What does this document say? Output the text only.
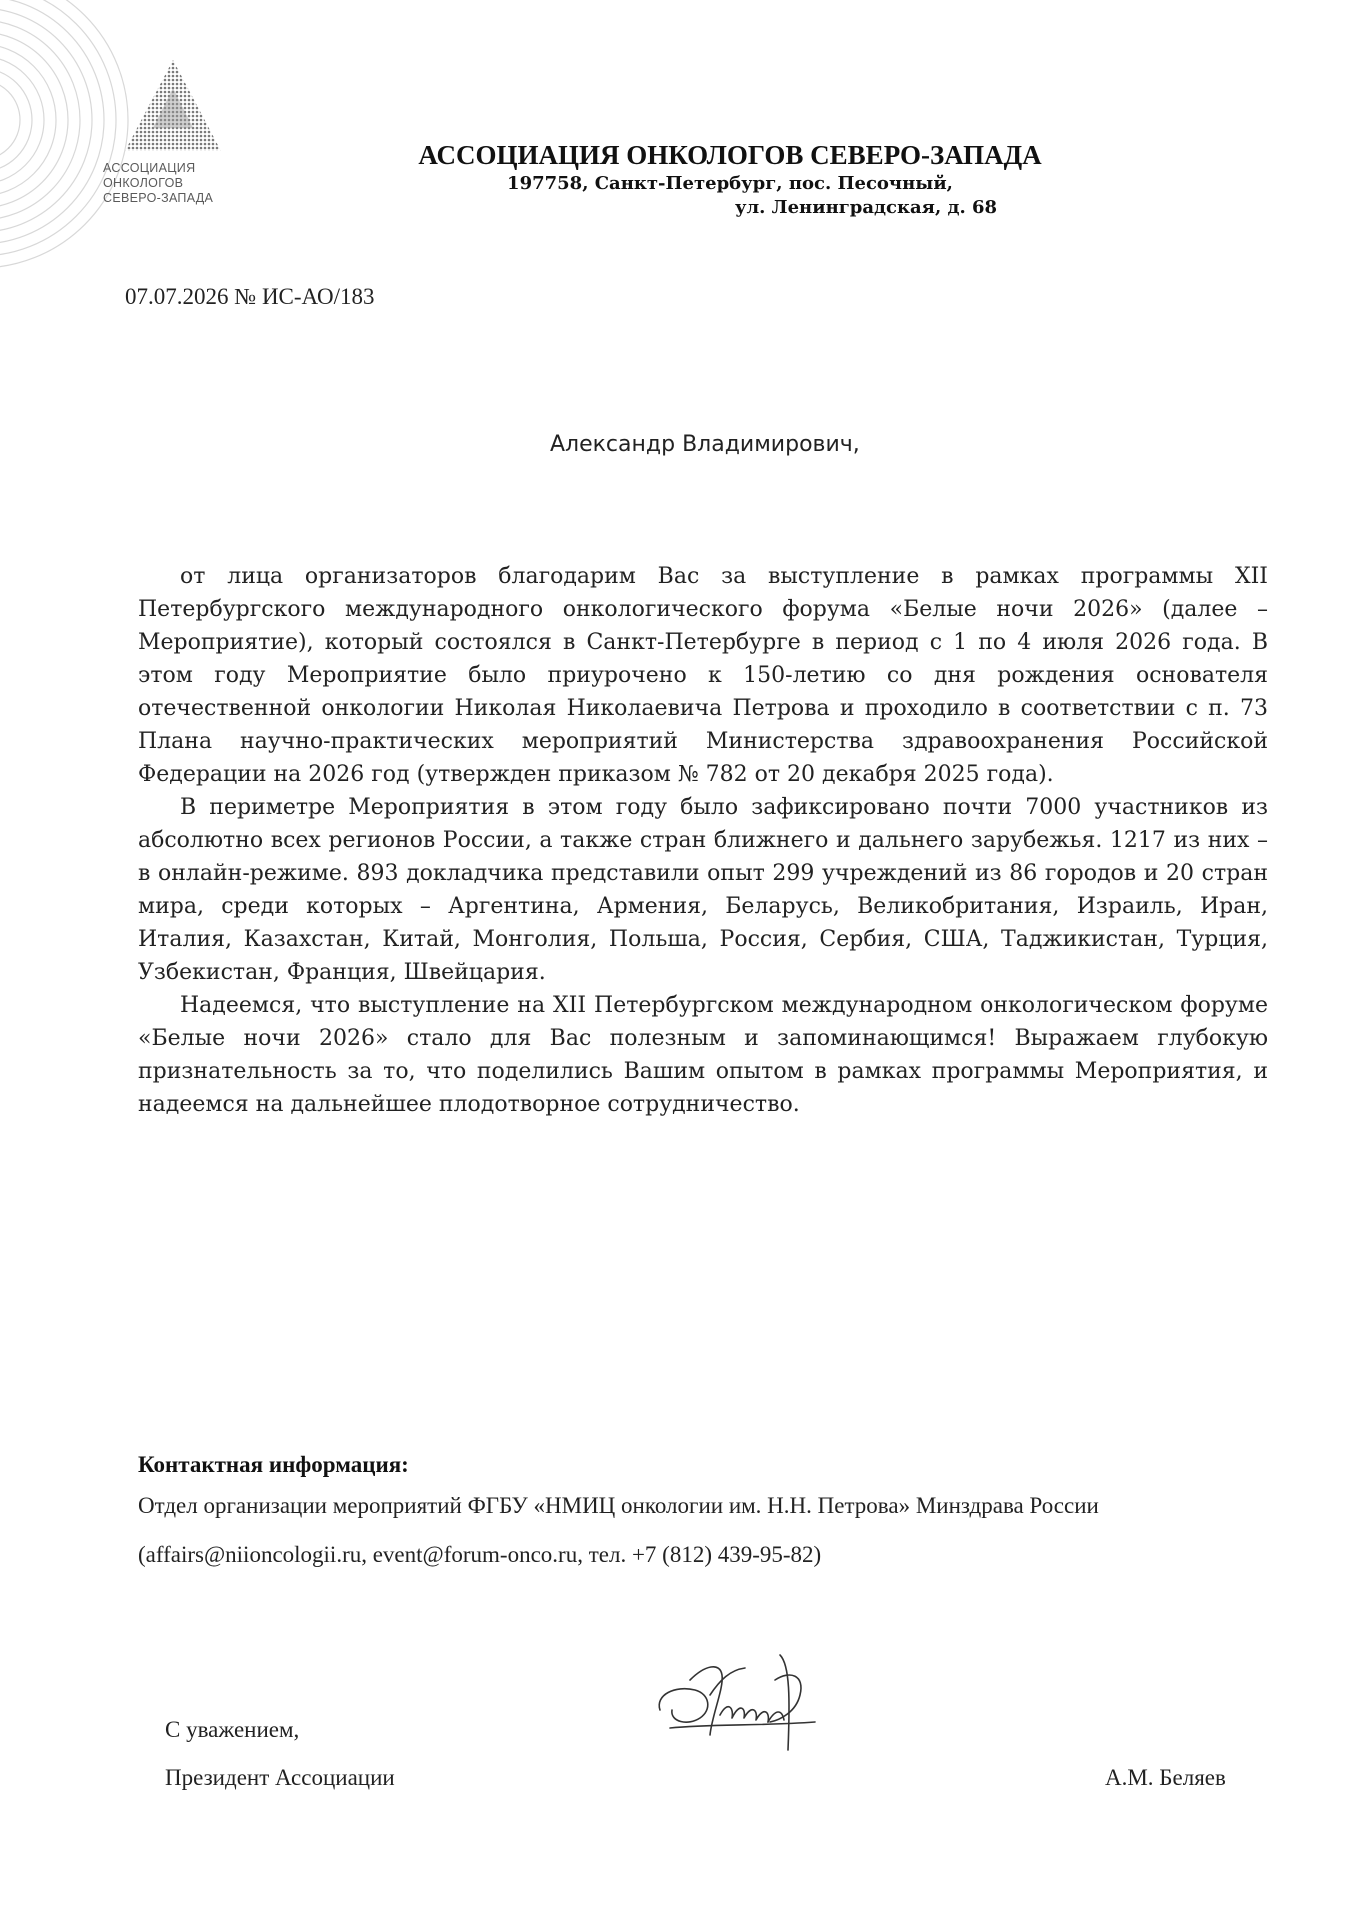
АССОЦИАЦИЯ
ОНКОЛОГОВ
СЕВЕРО-ЗАПАДА
АССОЦИАЦИЯ ОНКОЛОГОВ СЕВЕРО-ЗАПАДА
197758, Санкт-Петербург, пос. Песочный,
ул. Ленинградская, д. 68
07.07.2026 № ИС-АО/183
Александр Владимирович,

от лица организаторов благодарим Вас за выступление в рамках программы XII Петербургского международного онкологического форума «Белые ночи 2026» (далее – Мероприятие), который состоялся в Санкт-Петербурге в период с 1 по 4 июля 2026 года. В этом году Мероприятие было приурочено к 150-летию со дня рождения основателя отечественной онкологии Николая Николаевича Петрова и проходило в соответствии с п. 73 Плана научно-практических мероприятий Министерства здравоохранения Российской Федерации на 2026 год (утвержден приказом № 782 от 20 декабря 2025 года).

В периметре Мероприятия в этом году было зафиксировано почти 7000 участников из абсолютно всех регионов России, а также стран ближнего и дальнего зарубежья. 1217 из них – в онлайн-режиме. 893 докладчика представили опыт 299 учреждений из 86 городов и 20 стран мира, среди которых – Аргентина, Армения, Беларусь, Великобритания, Израиль, Иран, Италия, Казахстан, Китай, Монголия, Польша, Россия, Сербия, США, Таджикистан, Турция, Узбекистан, Франция, Швейцария.

Надеемся, что выступление на XII Петербургском международном онкологическом форуме «Белые ночи 2026» стало для Вас полезным и запоминающимся! Выражаем глубокую признательность за то, что поделились Вашим опытом в рамках программы Мероприятия, и надеемся на дальнейшее плодотворное сотрудничество.

Контактная информация:
Отдел организации мероприятий ФГБУ «НМИЦ онкологии им. Н.Н. Петрова» Минздрава России
(affairs@niioncologii.ru, event@forum-onco.ru, тел. +7 (812) 439-95-82)
С уважением,
Президент Ассоциации	А.М. Беляев
